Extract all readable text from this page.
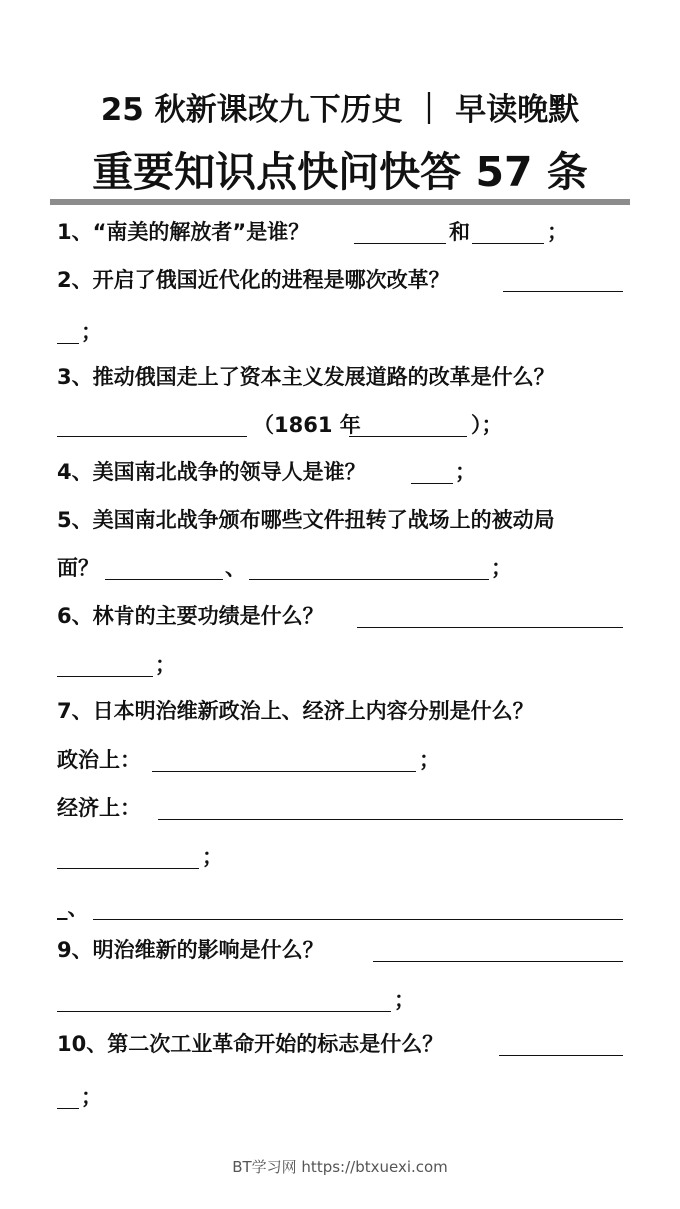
25 秋新课改九下历史 ｜ 早读晚默
重要知识点快问快答 57 条
1、“南美的解放者”是谁？	和	；
2、开启了俄国近代化的进程是哪次改革？
；
3、推动俄国走上了资本主义发展道路的改革是什么？
（1861 年	）；
4、美国南北战争的领导人是谁？	；
5、美国南北战争颁布哪些文件扭转了战场上的被动局
面？	、	；
6、林肯的主要功绩是什么？
；
7、日本明治维新政治上、经济上内容分别是什么？
政治上：	；
经济上：
；
_、
9、明治维新的影响是什么？
；
10、第二次工业革命开始的标志是什么？
；
BT学习网 https://btxuexi.com
